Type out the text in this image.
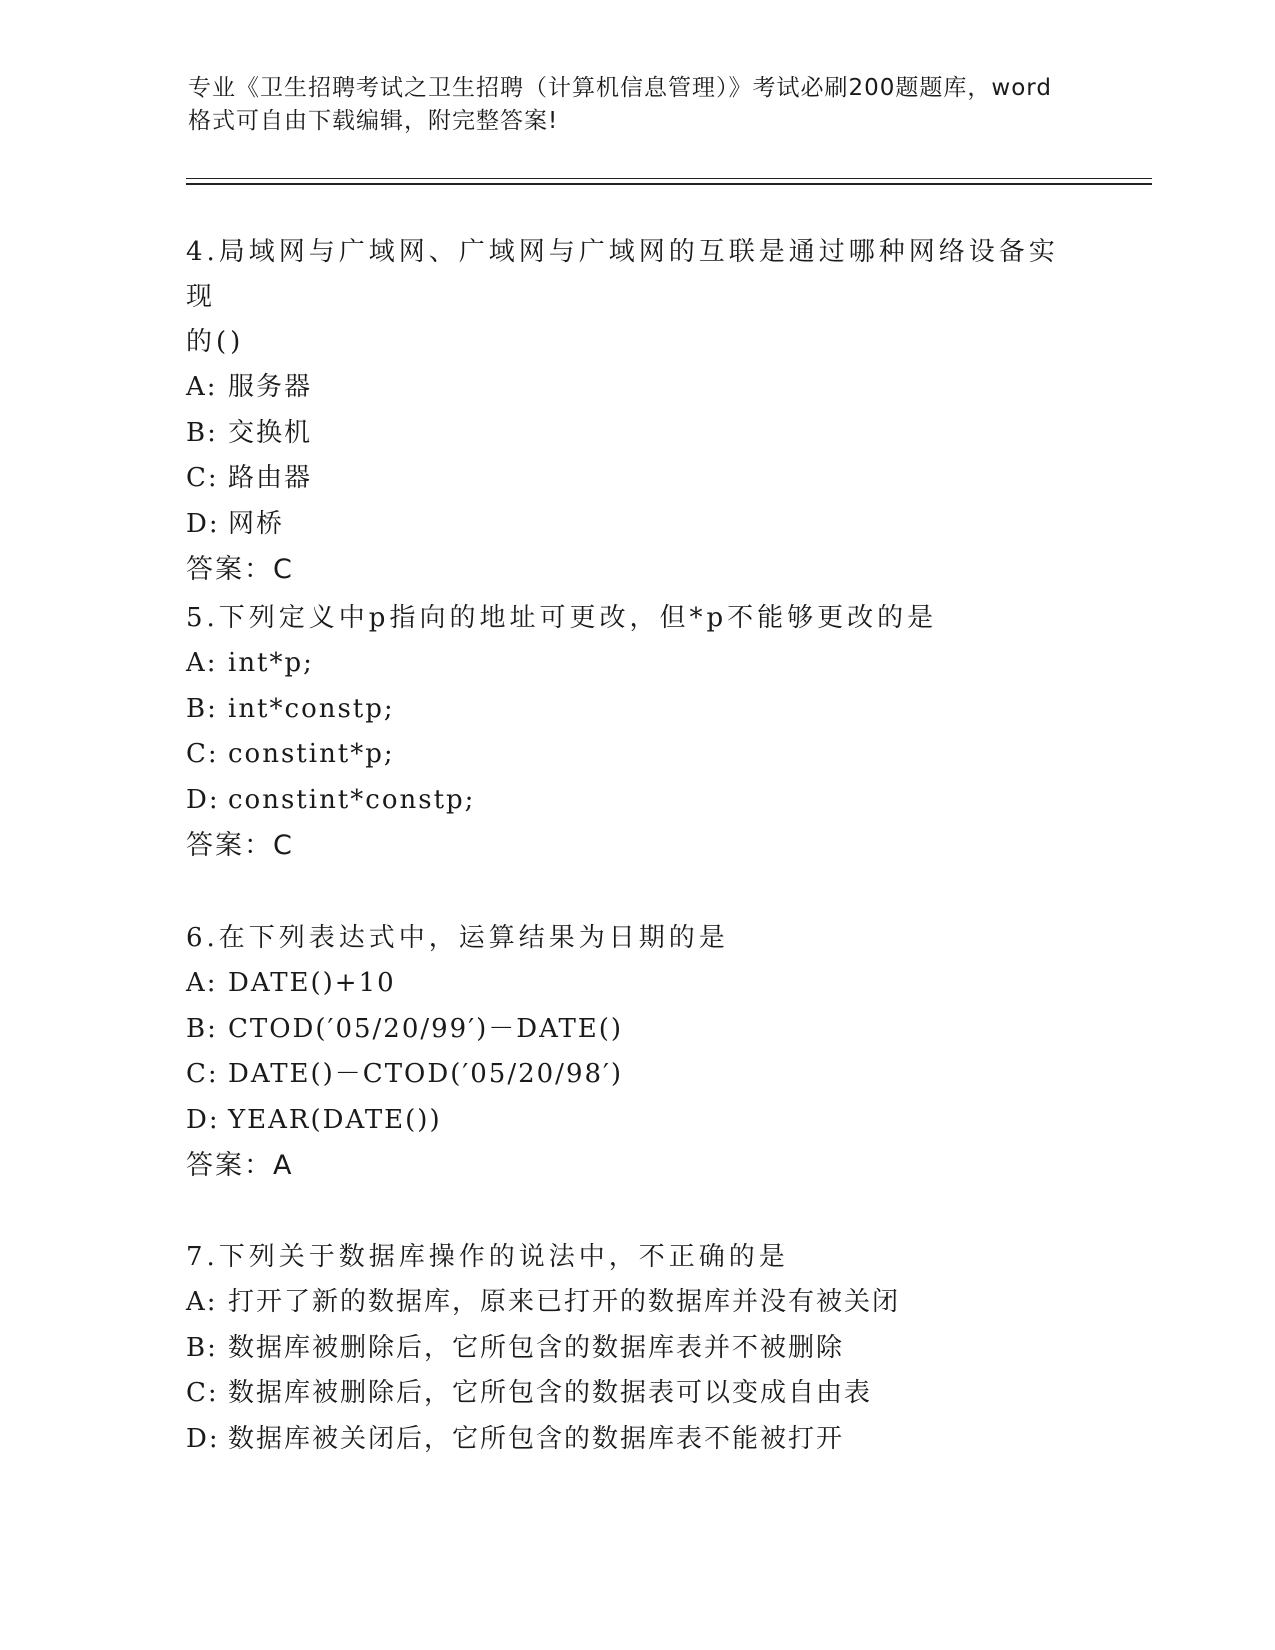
专业《卫生招聘考试之卫生招聘（计算机信息管理）》考试必刷200题题库，word
格式可自由下载编辑，附完整答案!

4.局域网与广域网、广域网与广域网的互联是通过哪种网络设备实现

的()

A: 服务器

B: 交换机

C: 路由器

D: 网桥

答案：C

5.下列定义中p指向的地址可更改，但*p不能够更改的是

A: int*p;

B: int*constp;

C: constint*p;

D: constint*constp;

答案：C

6.在下列表达式中，运算结果为日期的是

A: DATE()+10

B: CTOD(′05/20/99′)－DATE()

C: DATE()－CTOD(′05/20/98′)

D: YEAR(DATE())

答案：A

7.下列关于数据库操作的说法中，不正确的是

A: 打开了新的数据库，原来已打开的数据库并没有被关闭

B: 数据库被删除后，它所包含的数据库表并不被删除

C: 数据库被删除后，它所包含的数据表可以变成自由表

D: 数据库被关闭后，它所包含的数据库表不能被打开
